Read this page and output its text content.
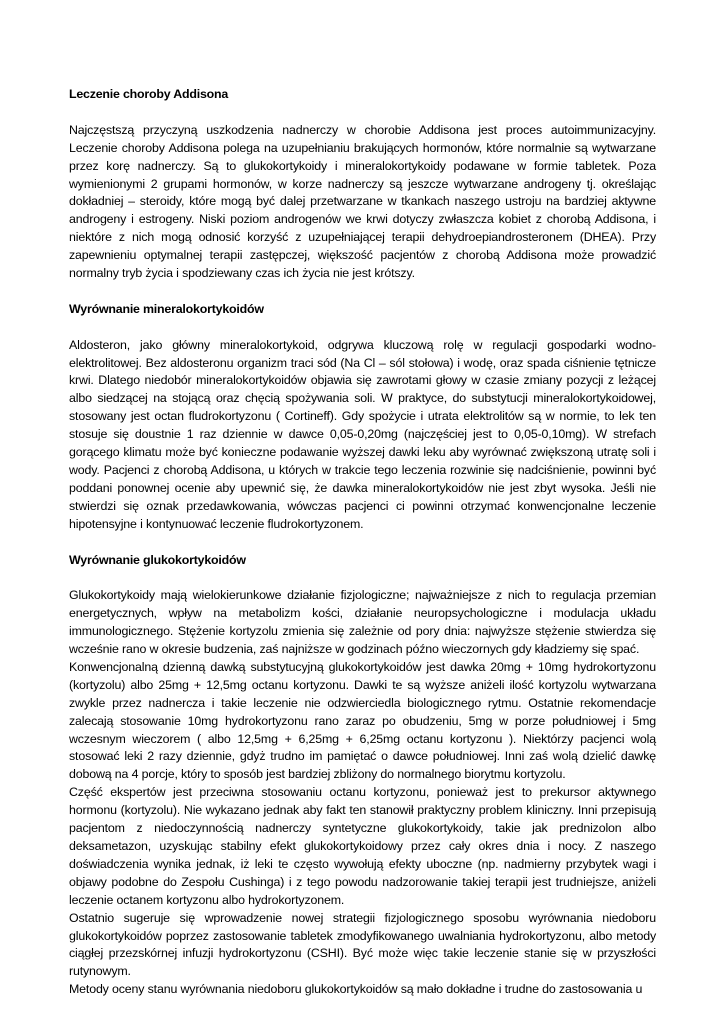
Leczenie choroby Addisona

Najczęstszą przyczyną uszkodzenia nadnerczy w chorobie Addisona jest proces autoimmunizacyjny. Leczenie choroby Addisona polega na uzupełnianiu brakujących hormonów, które normalnie są wytwarzane przez korę nadnerczy. Są to glukokortykoidy i mineralokortykoidy podawane w formie tabletek. Poza wymienionymi 2 grupami hormonów, w korze nadnerczy są jeszcze wytwarzane androgeny tj. określając dokładniej – steroidy, które mogą być dalej przetwarzane w tkankach naszego ustroju na bardziej aktywne androgeny i estrogeny. Niski poziom androgenów we krwi dotyczy zwłaszcza kobiet z chorobą Addisona, i niektóre z nich mogą odnosić korzyść z uzupełniającej terapii dehydroepiandrosteronem (DHEA). Przy zapewnieniu optymalnej terapii zastępczej, większość pacjentów z chorobą Addisona może prowadzić normalny tryb życia i spodziewany czas ich życia nie jest krótszy.

Wyrównanie mineralokortykoidów

Aldosteron, jako główny mineralokortykoid, odgrywa kluczową rolę w regulacji gospodarki wodno-elektrolitowej. Bez aldosteronu organizm traci sód (Na Cl – sól stołowa) i wodę, oraz spada ciśnienie tętnicze krwi. Dlatego niedobór mineralokortykoidów objawia się zawrotami głowy w czasie zmiany pozycji z leżącej albo siedzącej na stojącą oraz chęcią spożywania soli. W praktyce, do substytucji mineralokortykoidowej, stosowany jest octan fludrokortyzonu ( Cortineff). Gdy spożycie i utrata elektrolitów są w normie, to lek ten stosuje się doustnie 1 raz dziennie w dawce 0,05-0,20mg (najczęściej jest to 0,05-0,10mg). W strefach gorącego klimatu może być konieczne podawanie wyższej dawki leku aby wyrównać zwiększoną utratę soli i wody. Pacjenci z chorobą Addisona, u których w trakcie tego leczenia rozwinie się nadciśnienie, powinni być poddani ponownej ocenie aby upewnić się, że dawka mineralokortykoidów nie jest zbyt wysoka. Jeśli nie stwierdzi się oznak przedawkowania, wówczas pacjenci ci powinni otrzymać konwencjonalne leczenie hipotensyjne i kontynuować leczenie fludrokortyzonem.

Wyrównanie glukokortykoidów

Glukokortykoidy mają wielokierunkowe działanie fizjologiczne; najważniejsze z nich to regulacja przemian energetycznych, wpływ na metabolizm kości, działanie neuropsychologiczne i modulacja układu immunologicznego. Stężenie kortyzolu zmienia się zależnie od pory dnia: najwyższe stężenie stwierdza się wcześnie rano w okresie budzenia, zaś najniższe w godzinach późno wieczornych gdy kładziemy się spać.

Konwencjonalną dzienną dawką substytucyjną glukokortykoidów jest dawka 20mg + 10mg hydrokortyzonu (kortyzolu) albo 25mg + 12,5mg octanu kortyzonu. Dawki te są wyższe aniżeli ilość kortyzolu wytwarzana zwykle przez nadnercza i takie leczenie nie odzwierciedla biologicznego rytmu. Ostatnie rekomendacje zalecają stosowanie 10mg hydrokortyzonu rano zaraz po obudzeniu, 5mg w porze południowej i 5mg wczesnym wieczorem ( albo 12,5mg + 6,25mg + 6,25mg octanu kortyzonu ). Niektórzy pacjenci wolą stosować leki 2 razy dziennie, gdyż trudno im pamiętać o dawce południowej. Inni zaś wolą dzielić dawkę dobową na 4 porcje, który to sposób jest bardziej zbliżony do normalnego biorytmu kortyzolu.

Część ekspertów jest przeciwna stosowaniu octanu kortyzonu, ponieważ jest to prekursor aktywnego hormonu (kortyzolu). Nie wykazano jednak aby fakt ten stanowił praktyczny problem kliniczny. Inni przepisują pacjentom z niedoczynnością nadnerczy syntetyczne glukokortykoidy, takie jak prednizolon albo deksametazon, uzyskując stabilny efekt glukokortykoidowy przez cały okres dnia i nocy. Z naszego doświadczenia wynika jednak, iż leki te często wywołują efekty uboczne (np. nadmierny przybytek wagi i objawy podobne do Zespołu Cushinga) i z tego powodu nadzorowanie takiej terapii jest trudniejsze, aniżeli leczenie octanem kortyzonu albo hydrokortyzonem.

Ostatnio sugeruje się wprowadzenie nowej strategii fizjologicznego sposobu wyrównania niedoboru glukokortykoidów poprzez zastosowanie tabletek zmodyfikowanego uwalniania hydrokortyzonu, albo metody ciągłej przezskórnej infuzji hydrokortyzonu (CSHI). Być może więc takie leczenie stanie się w przyszłości rutynowym.

Metody oceny stanu wyrównania niedoboru glukokortykoidów są mało dokładne i trudne do zastosowania u
